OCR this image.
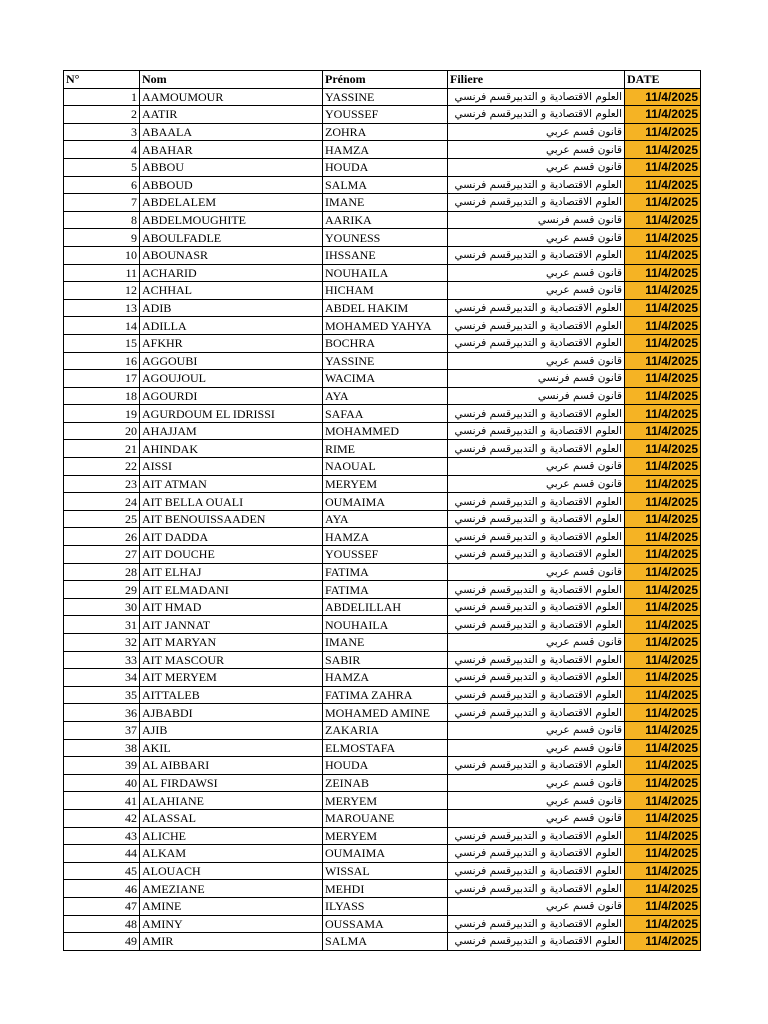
N°	Nom	Prénom	Filiere	DATE
1	AAMOUMOUR	YASSINE	العلوم الاقتصادية و التدبيرقسم فرنسي	11/4/2025
2	AATIR	YOUSSEF	العلوم الاقتصادية و التدبيرقسم فرنسي	11/4/2025
3	ABAALA	ZOHRA	قانون قسم عربي	11/4/2025
4	ABAHAR	HAMZA	قانون قسم عربي	11/4/2025
5	ABBOU	HOUDA	قانون قسم عربي	11/4/2025
6	ABBOUD	SALMA	العلوم الاقتصادية و التدبيرقسم فرنسي	11/4/2025
7	ABDELALEM	IMANE	العلوم الاقتصادية و التدبيرقسم فرنسي	11/4/2025
8	ABDELMOUGHITE	AARIKA	قانون قسم فرنسي	11/4/2025
9	ABOULFADLE	YOUNESS	قانون قسم عربي	11/4/2025
10	ABOUNASR	IHSSANE	العلوم الاقتصادية و التدبيرقسم فرنسي	11/4/2025
11	ACHARID	NOUHAILA	قانون قسم عربي	11/4/2025
12	ACHHAL	HICHAM	قانون قسم عربي	11/4/2025
13	ADIB	ABDEL HAKIM	العلوم الاقتصادية و التدبيرقسم فرنسي	11/4/2025
14	ADILLA	MOHAMED YAHYA	العلوم الاقتصادية و التدبيرقسم فرنسي	11/4/2025
15	AFKHR	BOCHRA	العلوم الاقتصادية و التدبيرقسم فرنسي	11/4/2025
16	AGGOUBI	YASSINE	قانون قسم عربي	11/4/2025
17	AGOUJOUL	WACIMA	قانون قسم فرنسي	11/4/2025
18	AGOURDI	AYA	قانون قسم فرنسي	11/4/2025
19	AGURDOUM EL IDRISSI	SAFAA	العلوم الاقتصادية و التدبيرقسم فرنسي	11/4/2025
20	AHAJJAM	MOHAMMED	العلوم الاقتصادية و التدبيرقسم فرنسي	11/4/2025
21	AHINDAK	RIME	العلوم الاقتصادية و التدبيرقسم فرنسي	11/4/2025
22	AISSI	NAOUAL	قانون قسم عربي	11/4/2025
23	AIT ATMAN	MERYEM	قانون قسم عربي	11/4/2025
24	AIT BELLA OUALI	OUMAIMA	العلوم الاقتصادية و التدبيرقسم فرنسي	11/4/2025
25	AIT BENOUISSAADEN	AYA	العلوم الاقتصادية و التدبيرقسم فرنسي	11/4/2025
26	AIT DADDA	HAMZA	العلوم الاقتصادية و التدبيرقسم فرنسي	11/4/2025
27	AIT DOUCHE	YOUSSEF	العلوم الاقتصادية و التدبيرقسم فرنسي	11/4/2025
28	AIT ELHAJ	FATIMA	قانون قسم عربي	11/4/2025
29	AIT ELMADANI	FATIMA	العلوم الاقتصادية و التدبيرقسم فرنسي	11/4/2025
30	AIT HMAD	ABDELILLAH	العلوم الاقتصادية و التدبيرقسم فرنسي	11/4/2025
31	AIT JANNAT	NOUHAILA	العلوم الاقتصادية و التدبيرقسم فرنسي	11/4/2025
32	AIT MARYAN	IMANE	قانون قسم عربي	11/4/2025
33	AIT MASCOUR	SABIR	العلوم الاقتصادية و التدبيرقسم فرنسي	11/4/2025
34	AIT MERYEM	HAMZA	العلوم الاقتصادية و التدبيرقسم فرنسي	11/4/2025
35	AITTALEB	FATIMA ZAHRA	العلوم الاقتصادية و التدبيرقسم فرنسي	11/4/2025
36	AJBABDI	MOHAMED AMINE	العلوم الاقتصادية و التدبيرقسم فرنسي	11/4/2025
37	AJIB	ZAKARIA	قانون قسم عربي	11/4/2025
38	AKIL	ELMOSTAFA	قانون قسم عربي	11/4/2025
39	AL AIBBARI	HOUDA	العلوم الاقتصادية و التدبيرقسم فرنسي	11/4/2025
40	AL FIRDAWSI	ZEINAB	قانون قسم عربي	11/4/2025
41	ALAHIANE	MERYEM	قانون قسم عربي	11/4/2025
42	ALASSAL	MAROUANE	قانون قسم عربي	11/4/2025
43	ALICHE	MERYEM	العلوم الاقتصادية و التدبيرقسم فرنسي	11/4/2025
44	ALKAM	OUMAIMA	العلوم الاقتصادية و التدبيرقسم فرنسي	11/4/2025
45	ALOUACH	WISSAL	العلوم الاقتصادية و التدبيرقسم فرنسي	11/4/2025
46	AMEZIANE	MEHDI	العلوم الاقتصادية و التدبيرقسم فرنسي	11/4/2025
47	AMINE	ILYASS	قانون قسم عربي	11/4/2025
48	AMINY	OUSSAMA	العلوم الاقتصادية و التدبيرقسم فرنسي	11/4/2025
49	AMIR	SALMA	العلوم الاقتصادية و التدبيرقسم فرنسي	11/4/2025
